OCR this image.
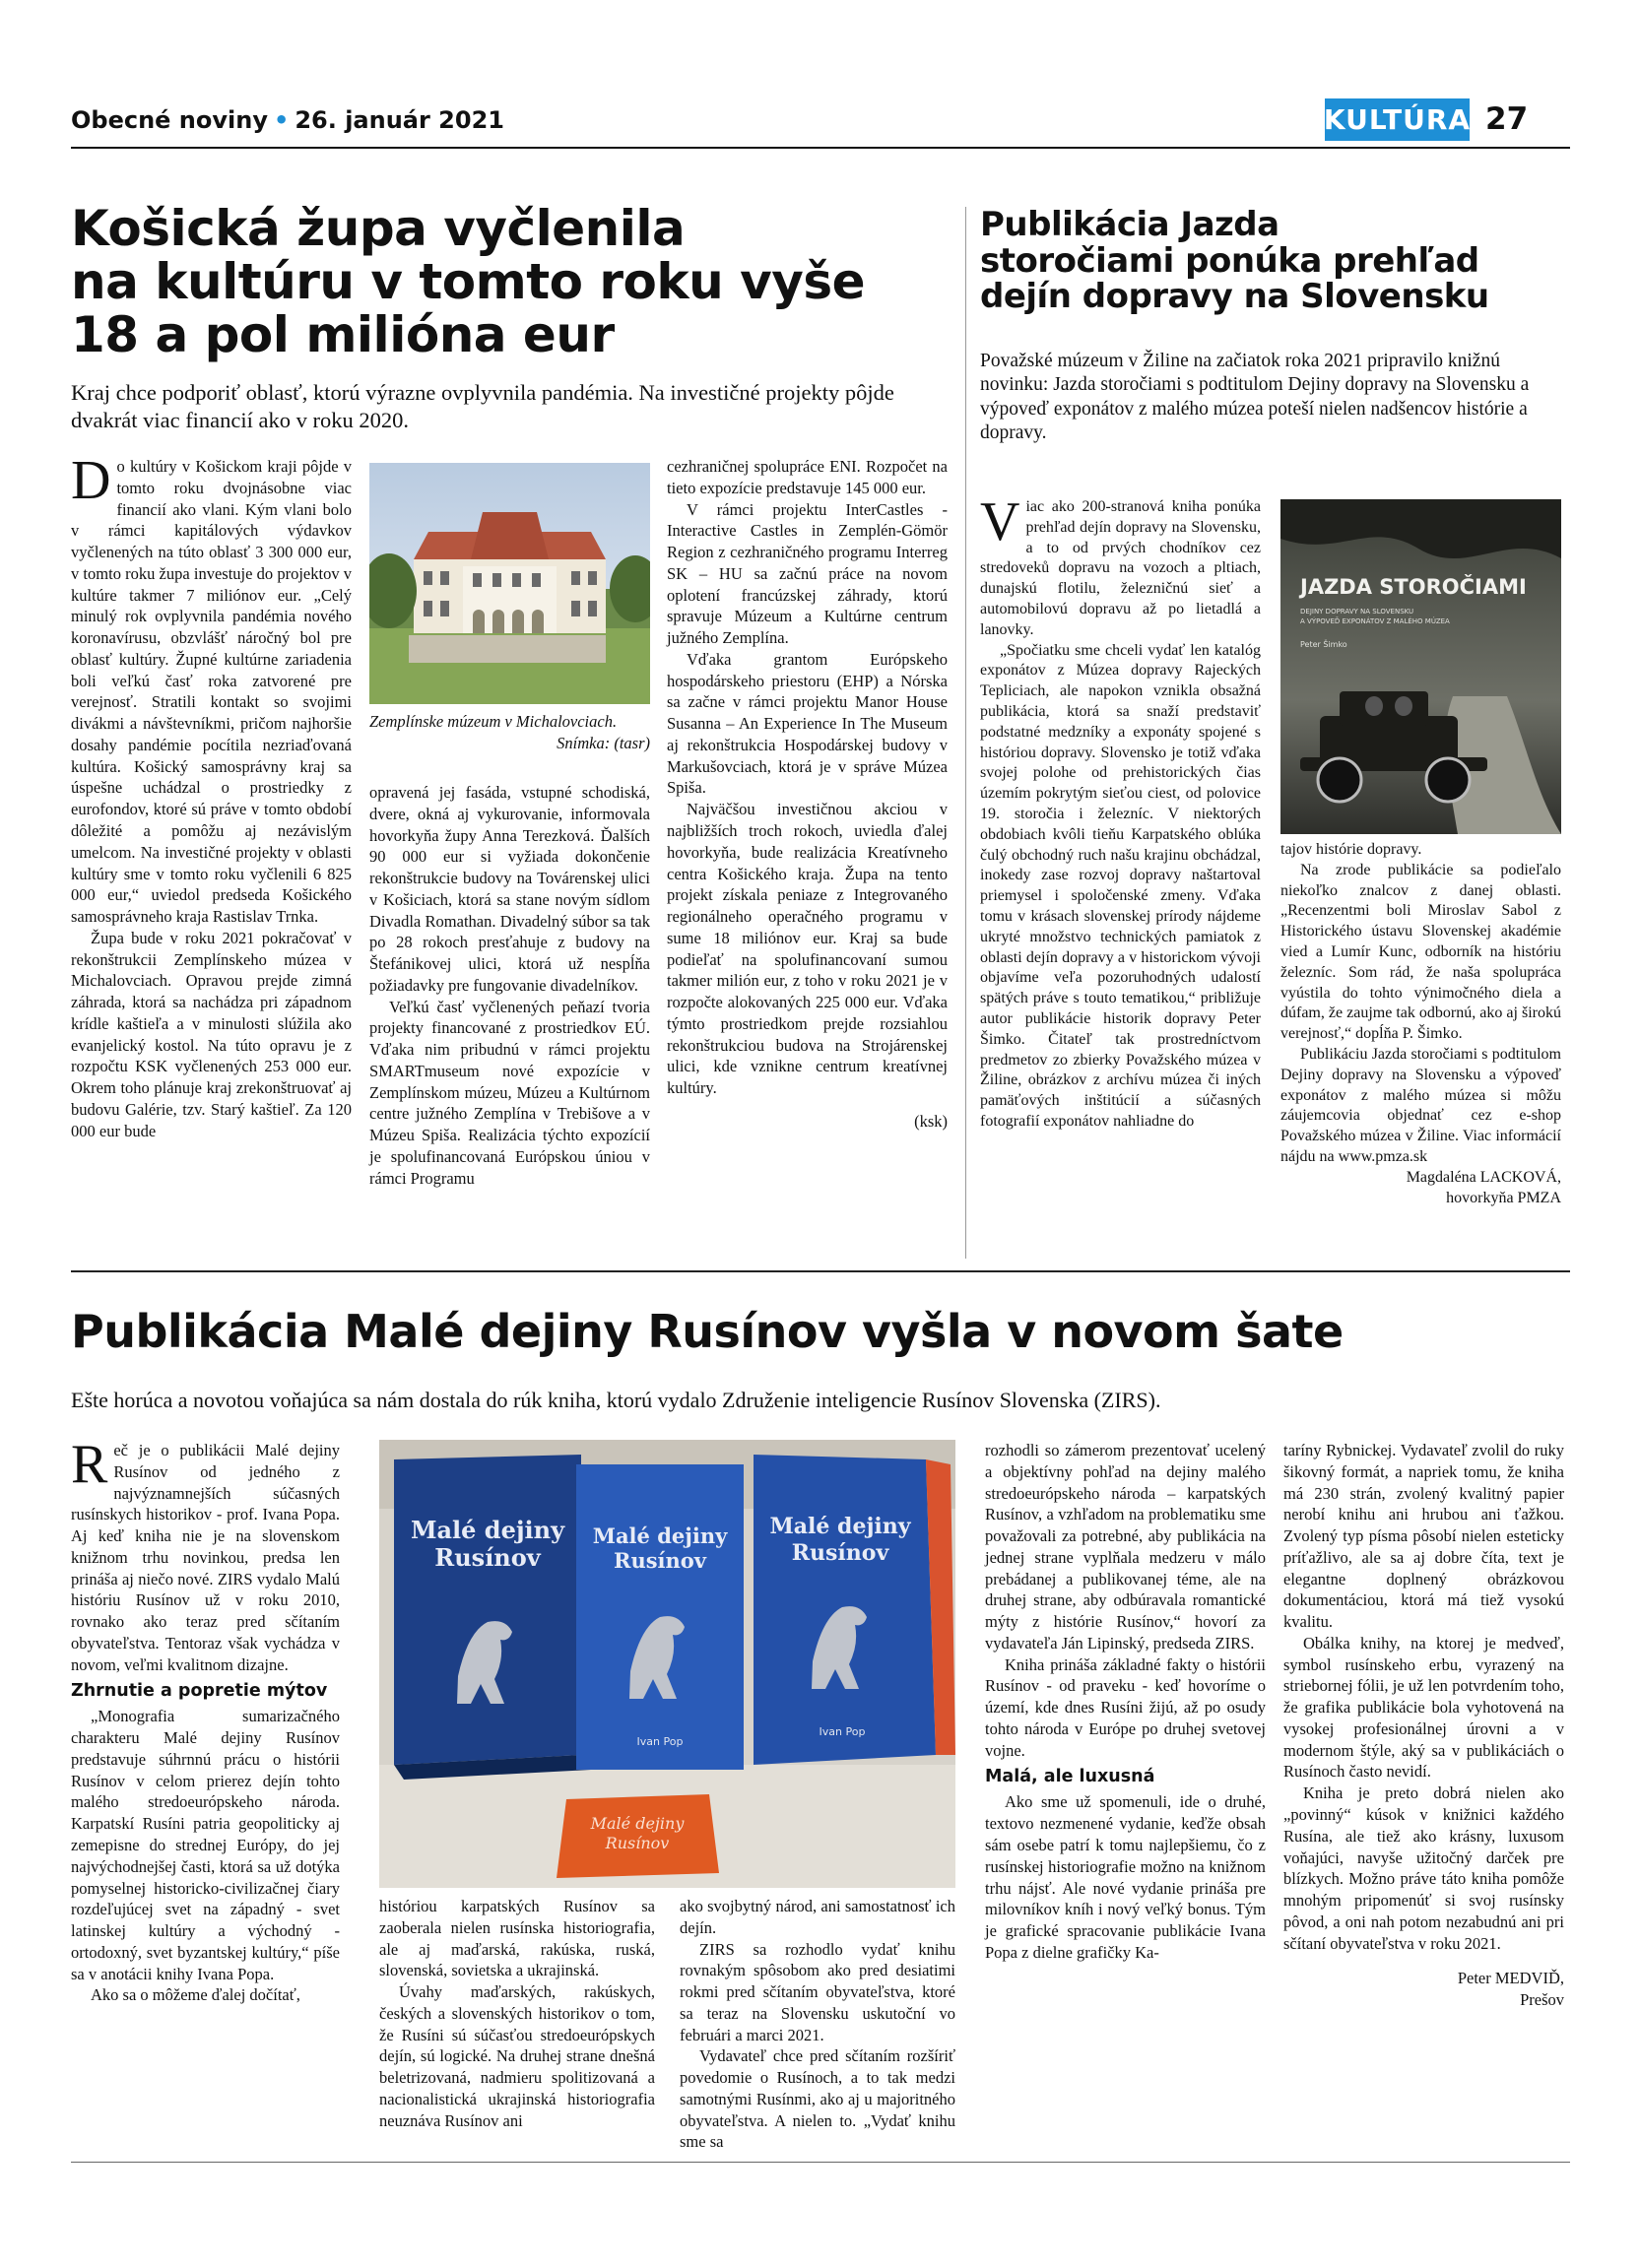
Obecné noviny • 26. január 2021	KULTÚRA 27
Košická župa vyčlenila
na kultúru v tomto roku vyše
18 a pol milióna eur
Kraj chce podporiť oblasť, ktorú výrazne ovplyvnila pandémia. Na investičné projekty pôjde dvakrát viac financií ako v roku 2020.

Do kultúry v Košickom kraji pôjde v tomto roku dvojnásobne viac financií ako vlani. Kým vlani bolo v rámci kapitálových výdavkov vyčlenených na túto oblasť 3 300 000 eur, v tomto roku župa investuje do projektov v kultúre takmer 7 miliónov eur. „Celý minulý rok ovplyvnila pandémia nového koronavírusu, obzvlášť náročný bol pre oblasť kultúry. Župné kultúrne zariadenia boli veľkú časť roka zatvorené pre verejnosť. Stratili kontakt so svojimi divákmi a návštevníkmi, pričom najhoršie dosahy pandémie pocítila nezriaďovaná kultúra. Košický samosprávny kraj sa úspešne uchádzal o prostriedky z eurofondov, ktoré sú práve v tomto období dôležité a pomôžu aj nezávislým umelcom. Na investičné projekty v oblasti kultúry sme v tomto roku vyčlenili 6 825 000 eur,“ uviedol predseda Košického samosprávneho kraja Rastislav Trnka.

Župa bude v roku 2021 pokračovať v rekonštrukcii Zemplínskeho múzea v Michalovciach. Opravou prejde zimná záhrada, ktorá sa nachádza pri západnom krídle kaštieľa a v minulosti slúžila ako evanjelický kostol. Na túto opravu je z rozpočtu KSK vyčlenených 253 000 eur. Okrem toho plánuje kraj zrekonštruovať aj budovu Galérie, tzv. Starý kaštieľ. Za 120 000 eur bude

Zemplínske múzeum v Michalovciach.
Snímka: (tasr)

opravená jej fasáda, vstupné schodiská, dvere, okná aj vykurovanie, informovala hovorkyňa župy Anna Terezková. Ďalších 90 000 eur si vyžiada dokončenie rekonštrukcie budovy na Továrenskej ulici v Košiciach, ktorá sa stane novým sídlom Divadla Romathan. Divadelný súbor sa tak po 28 rokoch presťahuje z budovy na Štefánikovej ulici, ktorá už nespĺňa požiadavky pre fungovanie divadelníkov.

Veľkú časť vyčlenených peňazí tvoria projekty financované z prostriedkov EÚ. Vďaka nim pribudnú v rámci projektu SMARTmuseum nové expozície v Zemplínskom múzeu, Múzeu a Kultúrnom centre južného Zemplína v Trebišove a v Múzeu Spiša. Realizácia týchto expozícií je spolufinancovaná Európskou úniou v rámci Programu

cezhraničnej spolupráce ENI. Rozpočet na tieto expozície predstavuje 145 000 eur.

V rámci projektu InterCastles - Interactive Castles in Zemplén-Gömör Region z cezhraničného programu Interreg SK – HU sa začnú práce na novom oplotení francúzskej záhrady, ktorú spravuje Múzeum a Kultúrne centrum južného Zemplína.

Vďaka grantom Európskeho hospodárskeho priestoru (EHP) a Nórska sa začne v rámci projektu Manor House Susanna – An Experience In The Museum aj rekonštrukcia Hospodárskej budovy v Markušovciach, ktorá je v správe Múzea Spiša.

Najväčšou investičnou akciou v najbližších troch rokoch, uviedla ďalej hovorkyňa, bude realizácia Kreatívneho centra Košického kraja. Župa na tento projekt získala peniaze z Integrovaného regionálneho operačného programu v sume 18 miliónov eur. Kraj sa bude podieľať na spolufinancovaní sumou takmer milión eur, z toho v roku 2021 je v rozpočte alokovaných 225 000 eur. Vďaka týmto prostriedkom prejde rozsiahlou rekonštrukciou budova na Strojárenskej ulici, kde vznikne centrum kreatívnej kultúry.

(ksk)

Publikácia Jazda
storočiami ponúka prehľad
dejín dopravy na Slovensku
Považské múzeum v Žiline na začiatok roka 2021 pripravilo knižnú novinku: Jazda storočiami s podtitulom Dejiny dopravy na Slovensku a výpoveď exponátov z malého múzea poteší nielen nadšencov histórie a dopravy.

Viac ako 200-stranová kniha ponúka prehľad dejín dopravy na Slovensku, a to od prvých chodníkov cez stredoveků dopravu na vozoch a pltiach, dunajskú flotilu, železničnú sieť a automobilovú dopravu až po lietadlá a lanovky.

„Spočiatku sme chceli vydať len katalóg exponátov z Múzea dopravy Rajeckých Tepliciach, ale napokon vznikla obsažná publikácia, ktorá sa snaží predstaviť podstatné medzníky a exponáty spojené s históriou dopravy. Slovensko je totiž vďaka svojej polohe od prehistorických čias územím pokrytým sieťou ciest, od polovice 19. storočia i železníc. V niektorých obdobiach kvôli tieňu Karpatského oblúka čulý obchodný ruch našu krajinu obchádzal, inokedy zase rozvoj dopravy naštartoval priemysel i spoločenské zmeny. Vďaka tomu v krásach slovenskej prírody nájdeme ukryté množstvo technických pamiatok z oblasti dejín dopravy a v historickom vývoji objavíme veľa pozoruhodných udalostí spätých práve s touto tematikou,“ približuje autor publikácie historik dopravy Peter Šimko. Čitateľ tak prostredníctvom predmetov zo zbierky Považského múzea v Žiline, obrázkov z archívu múzea či iných pamäťových inštitúcií a súčasných fotografií exponátov nahliadne do

JAZDA STOROČIAMI
DEJINY DOPRAVY NA SLOVENSKU
A VÝPOVEĎ EXPONÁTOV Z MALÉHO MÚZEA
Peter Šimko

tajov histórie dopravy.

Na zrode publikácie sa podieľalo niekoľko znalcov z danej oblasti. „Recenzentmi boli Miroslav Sabol z Historického ústavu Slovenskej akadémie vied a Lumír Kunc, odborník na históriu železníc. Som rád, že naša spolupráca vyústila do tohto výnimočného diela a dúfam, že zaujme tak odbornú, ako aj širokú verejnosť,“ dopĺňa P. Šimko.

Publikáciu Jazda storočiami s podtitulom Dejiny dopravy na Slovensku a výpoveď exponátov z malého múzea si môžu záujemcovia objednať cez e-shop Považského múzea v Žiline. Viac informácií nájdu na www.pmza.sk

Magdaléna LACKOVÁ,

hovorkyňa PMZA

Publikácia Malé dejiny Rusínov vyšla v novom šate
Ešte horúca a novotou voňajúca sa nám dostala do rúk kniha, ktorú vydalo Združenie inteligencie Rusínov Slovenska (ZIRS).

Reč je o publikácii Malé dejiny Rusínov od jedného z najvýznamnejších súčasných rusínskych historikov - prof. Ivana Popa. Aj keď kniha nie je na slovenskom knižnom trhu novinkou, predsa len prináša aj niečo nové. ZIRS vydalo Malú históriu Rusínov už v roku 2010, rovnako ako teraz pred sčítaním obyvateľstva. Tentoraz však vychádza v novom, veľmi kvalitnom dizajne.

Zhrnutie a popretie mýtov

„Monografia sumarizačného charakteru Malé dejiny Rusínov predstavuje súhrnnú prácu o histórii Rusínov v celom prierez dejín tohto malého stredoeurópskeho národa. Karpatskí Rusíni patria geopoliticky aj zemepisne do strednej Európy, do jej najvýchodnejšej časti, ktorá sa už dotýka pomyselnej historicko-civilizačnej čiary rozdeľujúcej svet na západný - svet latinskej kultúry a východný - ortodoxný, svet byzantskej kultúry,“ píše sa v anotácii knihy Ivana Popa.

Ako sa o môžeme ďalej dočítať,

Malé dejiny
Rusínov
Malé dejiny
Rusínov
Malé dejiny
Rusínov
Ivan Pop
Ivan Pop
Malé dejiny
Rusínov

históriou karpatských Rusínov sa zaoberala nielen rusínska historiografia, ale aj maďarská, rakúska, ruská, slovenská, sovietska a ukrajinská.

Úvahy maďarských, rakúskych, českých a slovenských historikov o tom, že Rusíni sú súčasťou stredoeurópskych dejín, sú logické. Na druhej strane dnešná beletrizovaná, nadmieru spolitizovaná a nacionalistická ukrajinská historiografia neuznáva Rusínov ani

ako svojbytný národ, ani samostatnosť ich dejín.

ZIRS sa rozhodlo vydať knihu rovnakým spôsobom ako pred desiatimi rokmi pred sčítaním obyvateľstva, ktoré sa teraz na Slovensku uskutoční vo februári a marci 2021.

Vydavateľ chce pred sčítaním rozšíriť povedomie o Rusínoch, a to tak medzi samotnými Rusínmi, ako aj u majoritného obyvateľstva. A nielen to. „Vydať knihu sme sa

rozhodli so zámerom prezentovať ucelený a objektívny pohľad na dejiny malého stredoeurópskeho národa – karpatských Rusínov, a vzhľadom na problematiku sme považovali za potrebné, aby publikácia na jednej strane vyplňala medzeru v málo prebádanej a publikovanej téme, ale na druhej strane, aby odbúravala romantické mýty z histórie Rusínov,“ hovorí za vydavateľa Ján Lipinský, predseda ZIRS.

Kniha prináša základné fakty o histórii Rusínov - od praveku - keď hovoríme o území, kde dnes Rusíni žijú, až po osudy tohto národa v Európe po druhej svetovej vojne.

Malá, ale luxusná

Ako sme už spomenuli, ide o druhé, textovo nezmenené vydanie, keďže obsah sám osebe patrí k tomu najlepšiemu, čo z rusínskej historiografie možno na knižnom trhu nájsť. Ale nové vydanie prináša pre milovníkov kníh i nový veľký bonus. Tým je grafické spracovanie publikácie Ivana Popa z dielne grafičky Ka-

taríny Rybnickej. Vydavateľ zvolil do ruky šikovný formát, a napriek tomu, že kniha má 230 strán, zvolený kvalitný papier nerobí knihu ani hrubou ani ťažkou. Zvolený typ písma pôsobí nielen esteticky príťažlivo, ale sa aj dobre číta, text je elegantne doplnený obrázkovou dokumentáciou, ktorá má tiež vysokú kvalitu.

Obálka knihy, na ktorej je medveď, symbol rusínskeho erbu, vyrazený na striebornej fólii, je už len potvrdením toho, že grafika publikácie bola vyhotovená na vysokej profesionálnej úrovni a v modernom štýle, aký sa v publikáciách o Rusínoch často nevidí.

Kniha je preto dobrá nielen ako „povinný“ kúsok v knižnici každého Rusína, ale tiež ako krásny, luxusom voňajúci, navyše užitočný darček pre blízkych. Možno práve táto kniha pomôže mnohým pripomenúť si svoj rusínsky pôvod, a oni nah potom nezabudnú ani pri sčítaní obyvateľstva v roku 2021.

Peter MEDVIĎ,

Prešov
